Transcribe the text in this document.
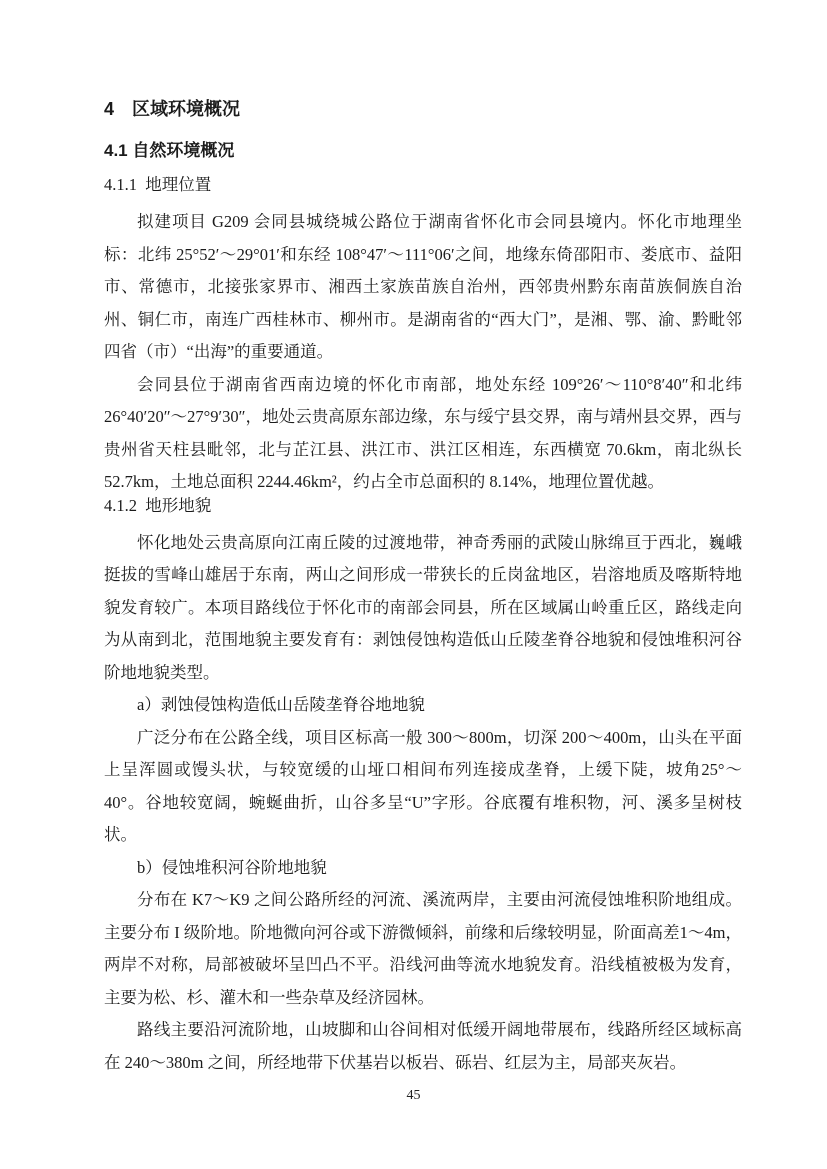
4　区域环境概况
4.1 自然环境概况
4.1.1  地理位置

拟建项目 G209 会同县城绕城公路位于湖南省怀化市会同县境内。怀化市地理坐标：北纬 25°52′～29°01′和东经 108°47′～111°06′之间，地缘东倚邵阳市、娄底市、益阳市、常德市，北接张家界市、湘西土家族苗族自治州，西邻贵州黔东南苗族侗族自治州、铜仁市，南连广西桂林市、柳州市。是湖南省的“西大门”，是湘、鄂、渝、黔毗邻四省（市）“出海”的重要通道。

会同县位于湖南省西南边境的怀化市南部，地处东经 109°26′～110°8′40″和北纬26°40′20″～27°9′30″，地处云贵高原东部边缘，东与绥宁县交界，南与靖州县交界，西与贵州省天柱县毗邻，北与芷江县、洪江市、洪江区相连，东西横宽 70.6km，南北纵长 52.7km，土地总面积 2244.46km²，约占全市总面积的 8.14%，地理位置优越。

4.1.2  地形地貌

怀化地处云贵高原向江南丘陵的过渡地带，神奇秀丽的武陵山脉绵亘于西北，巍峨挺拔的雪峰山雄居于东南，两山之间形成一带狭长的丘岗盆地区，岩溶地质及喀斯特地貌发育较广。本项目路线位于怀化市的南部会同县，所在区域属山岭重丘区，路线走向为从南到北，范围地貌主要发育有：剥蚀侵蚀构造低山丘陵垄脊谷地貌和侵蚀堆积河谷阶地地貌类型。

a）剥蚀侵蚀构造低山岳陵垄脊谷地地貌

广泛分布在公路全线，项目区标高一般 300～800m，切深 200～400m，山头在平面上呈浑圆或馒头状，与较宽缓的山垭口相间布列连接成垄脊，上缓下陡，坡角25°～40°。谷地较宽阔，蜿蜒曲折，山谷多呈“U”字形。谷底覆有堆积物，河、溪多呈树枝状。

b）侵蚀堆积河谷阶地地貌

分布在 K7～K9 之间公路所经的河流、溪流两岸，主要由河流侵蚀堆积阶地组成。主要分布 I 级阶地。阶地微向河谷或下游微倾斜，前缘和后缘较明显，阶面高差1～4m，两岸不对称，局部被破坏呈凹凸不平。沿线河曲等流水地貌发育。沿线植被极为发育，主要为松、杉、灌木和一些杂草及经济园林。

路线主要沿河流阶地，山坡脚和山谷间相对低缓开阔地带展布，线路所经区域标高在 240～380m 之间，所经地带下伏基岩以板岩、砾岩、红层为主，局部夹灰岩。

45
